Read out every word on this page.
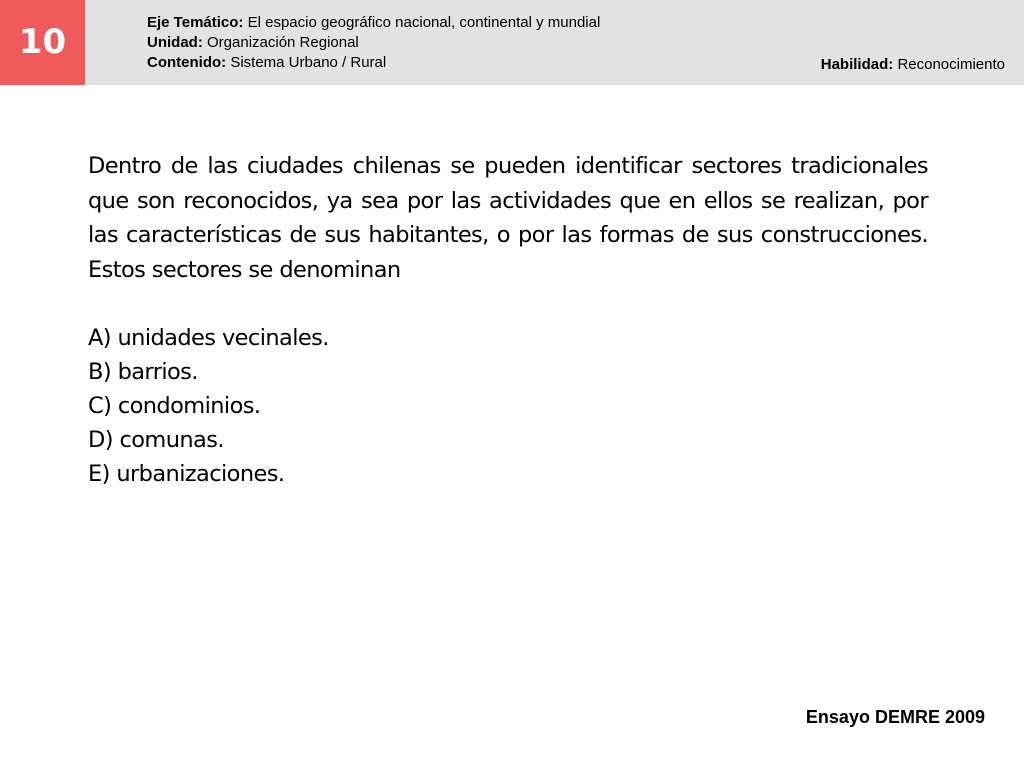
10	Eje Temático: El espacio geográfico nacional, continental y mundial
Unidad: Organización Regional
Contenido: Sistema Urbano / Rural	Habilidad: Reconocimiento
Dentro de las ciudades chilenas se pueden identificar sectores tradicionales que son reconocidos, ya sea por las actividades que en ellos se realizan, por las características de sus habitantes, o por las formas de sus construcciones. Estos sectores se denominan
A) unidades vecinales.
B) barrios.
C) condominios.
D) comunas.
E) urbanizaciones.
Ensayo DEMRE 2009
